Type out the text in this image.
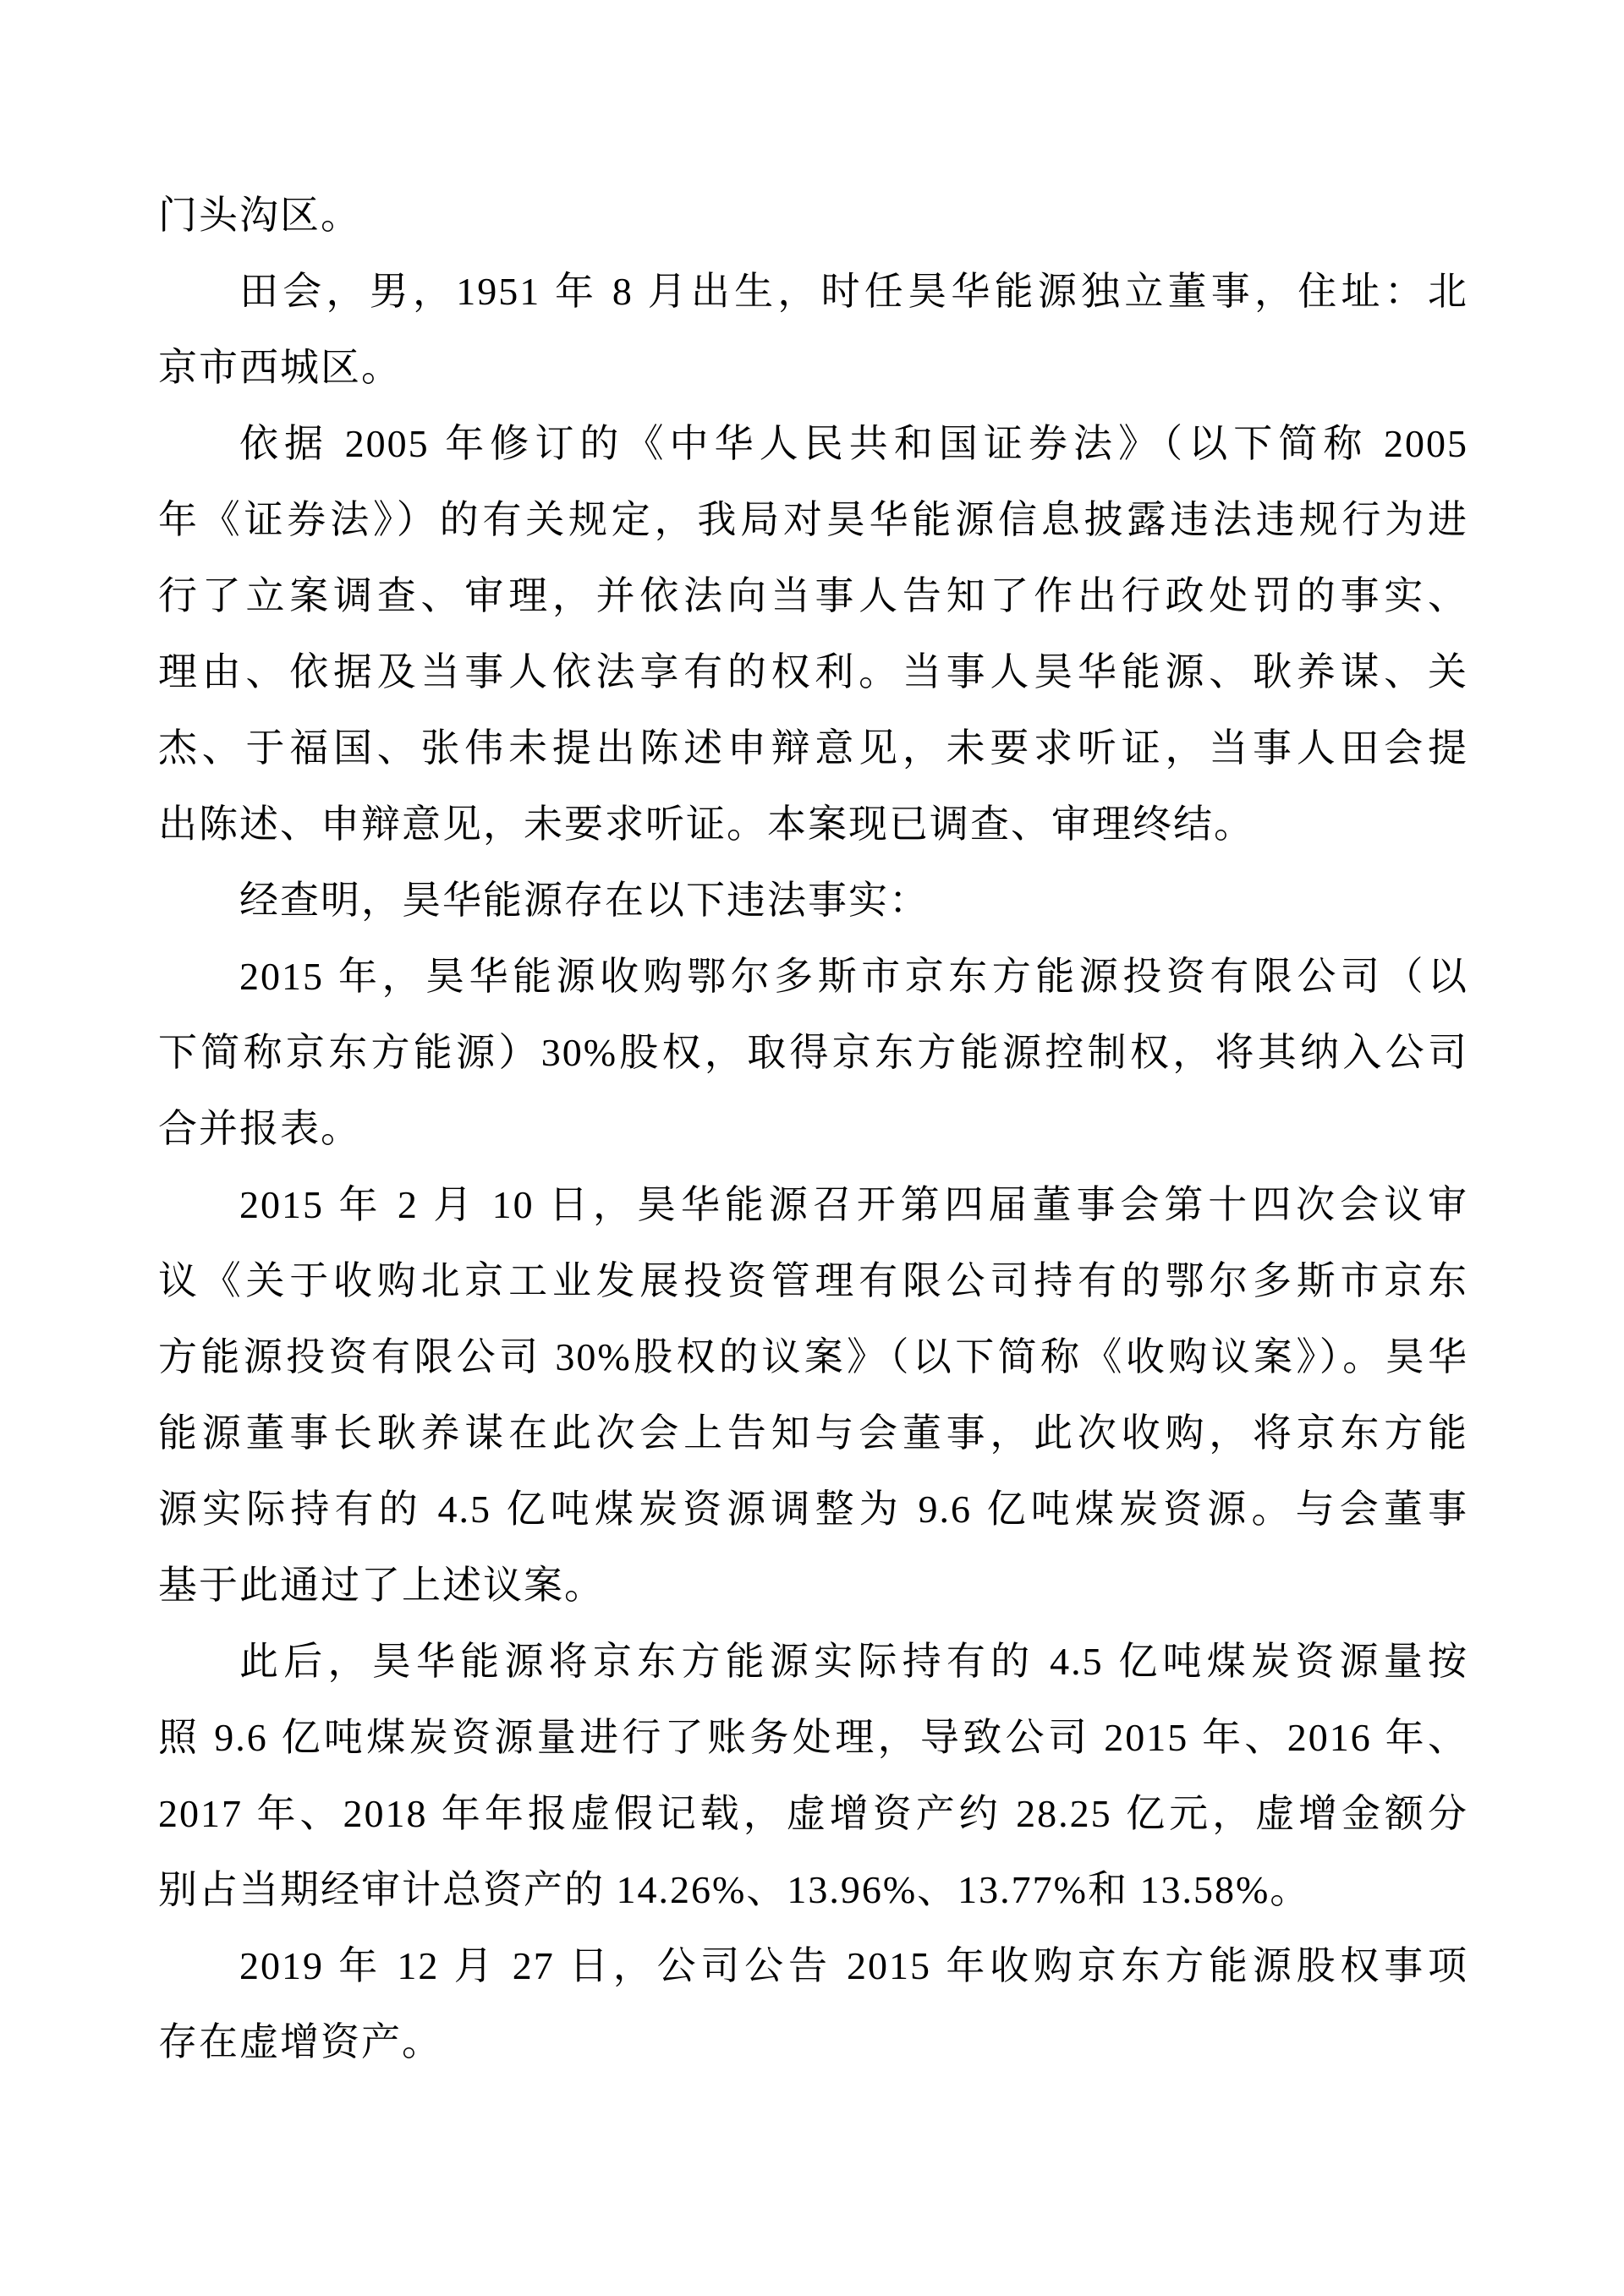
门头沟区。
田会，男，1951 年 8 月出生，时任昊华能源独立董事，住址：北
京市西城区。
依据 2005 年修订的《中华人民共和国证券法》（以下简称 2005
年《证券法》）的有关规定，我局对昊华能源信息披露违法违规行为进
行了立案调查、审理，并依法向当事人告知了作出行政处罚的事实、
理由、依据及当事人依法享有的权利。当事人昊华能源、耿养谋、关
杰、于福国、张伟未提出陈述申辩意见，未要求听证，当事人田会提
出陈述、申辩意见，未要求听证。本案现已调查、审理终结。
经查明，昊华能源存在以下违法事实：
2015 年，昊华能源收购鄂尔多斯市京东方能源投资有限公司（以
下简称京东方能源）30%股权，取得京东方能源控制权，将其纳入公司
合并报表。
2015 年 2 月 10 日，昊华能源召开第四届董事会第十四次会议审
议《关于收购北京工业发展投资管理有限公司持有的鄂尔多斯市京东
方能源投资有限公司 30%股权的议案》（以下简称《收购议案》）。昊华
能源董事长耿养谋在此次会上告知与会董事，此次收购，将京东方能
源实际持有的 4.5 亿吨煤炭资源调整为 9.6 亿吨煤炭资源。与会董事
基于此通过了上述议案。
此后，昊华能源将京东方能源实际持有的 4.5 亿吨煤炭资源量按
照 9.6 亿吨煤炭资源量进行了账务处理，导致公司 2015 年、2016 年、
2017 年、2018 年年报虚假记载，虚增资产约 28.25 亿元，虚增金额分
别占当期经审计总资产的 14.26%、13.96%、13.77%和 13.58%。
2019 年 12 月 27 日，公司公告 2015 年收购京东方能源股权事项
存在虚增资产。
